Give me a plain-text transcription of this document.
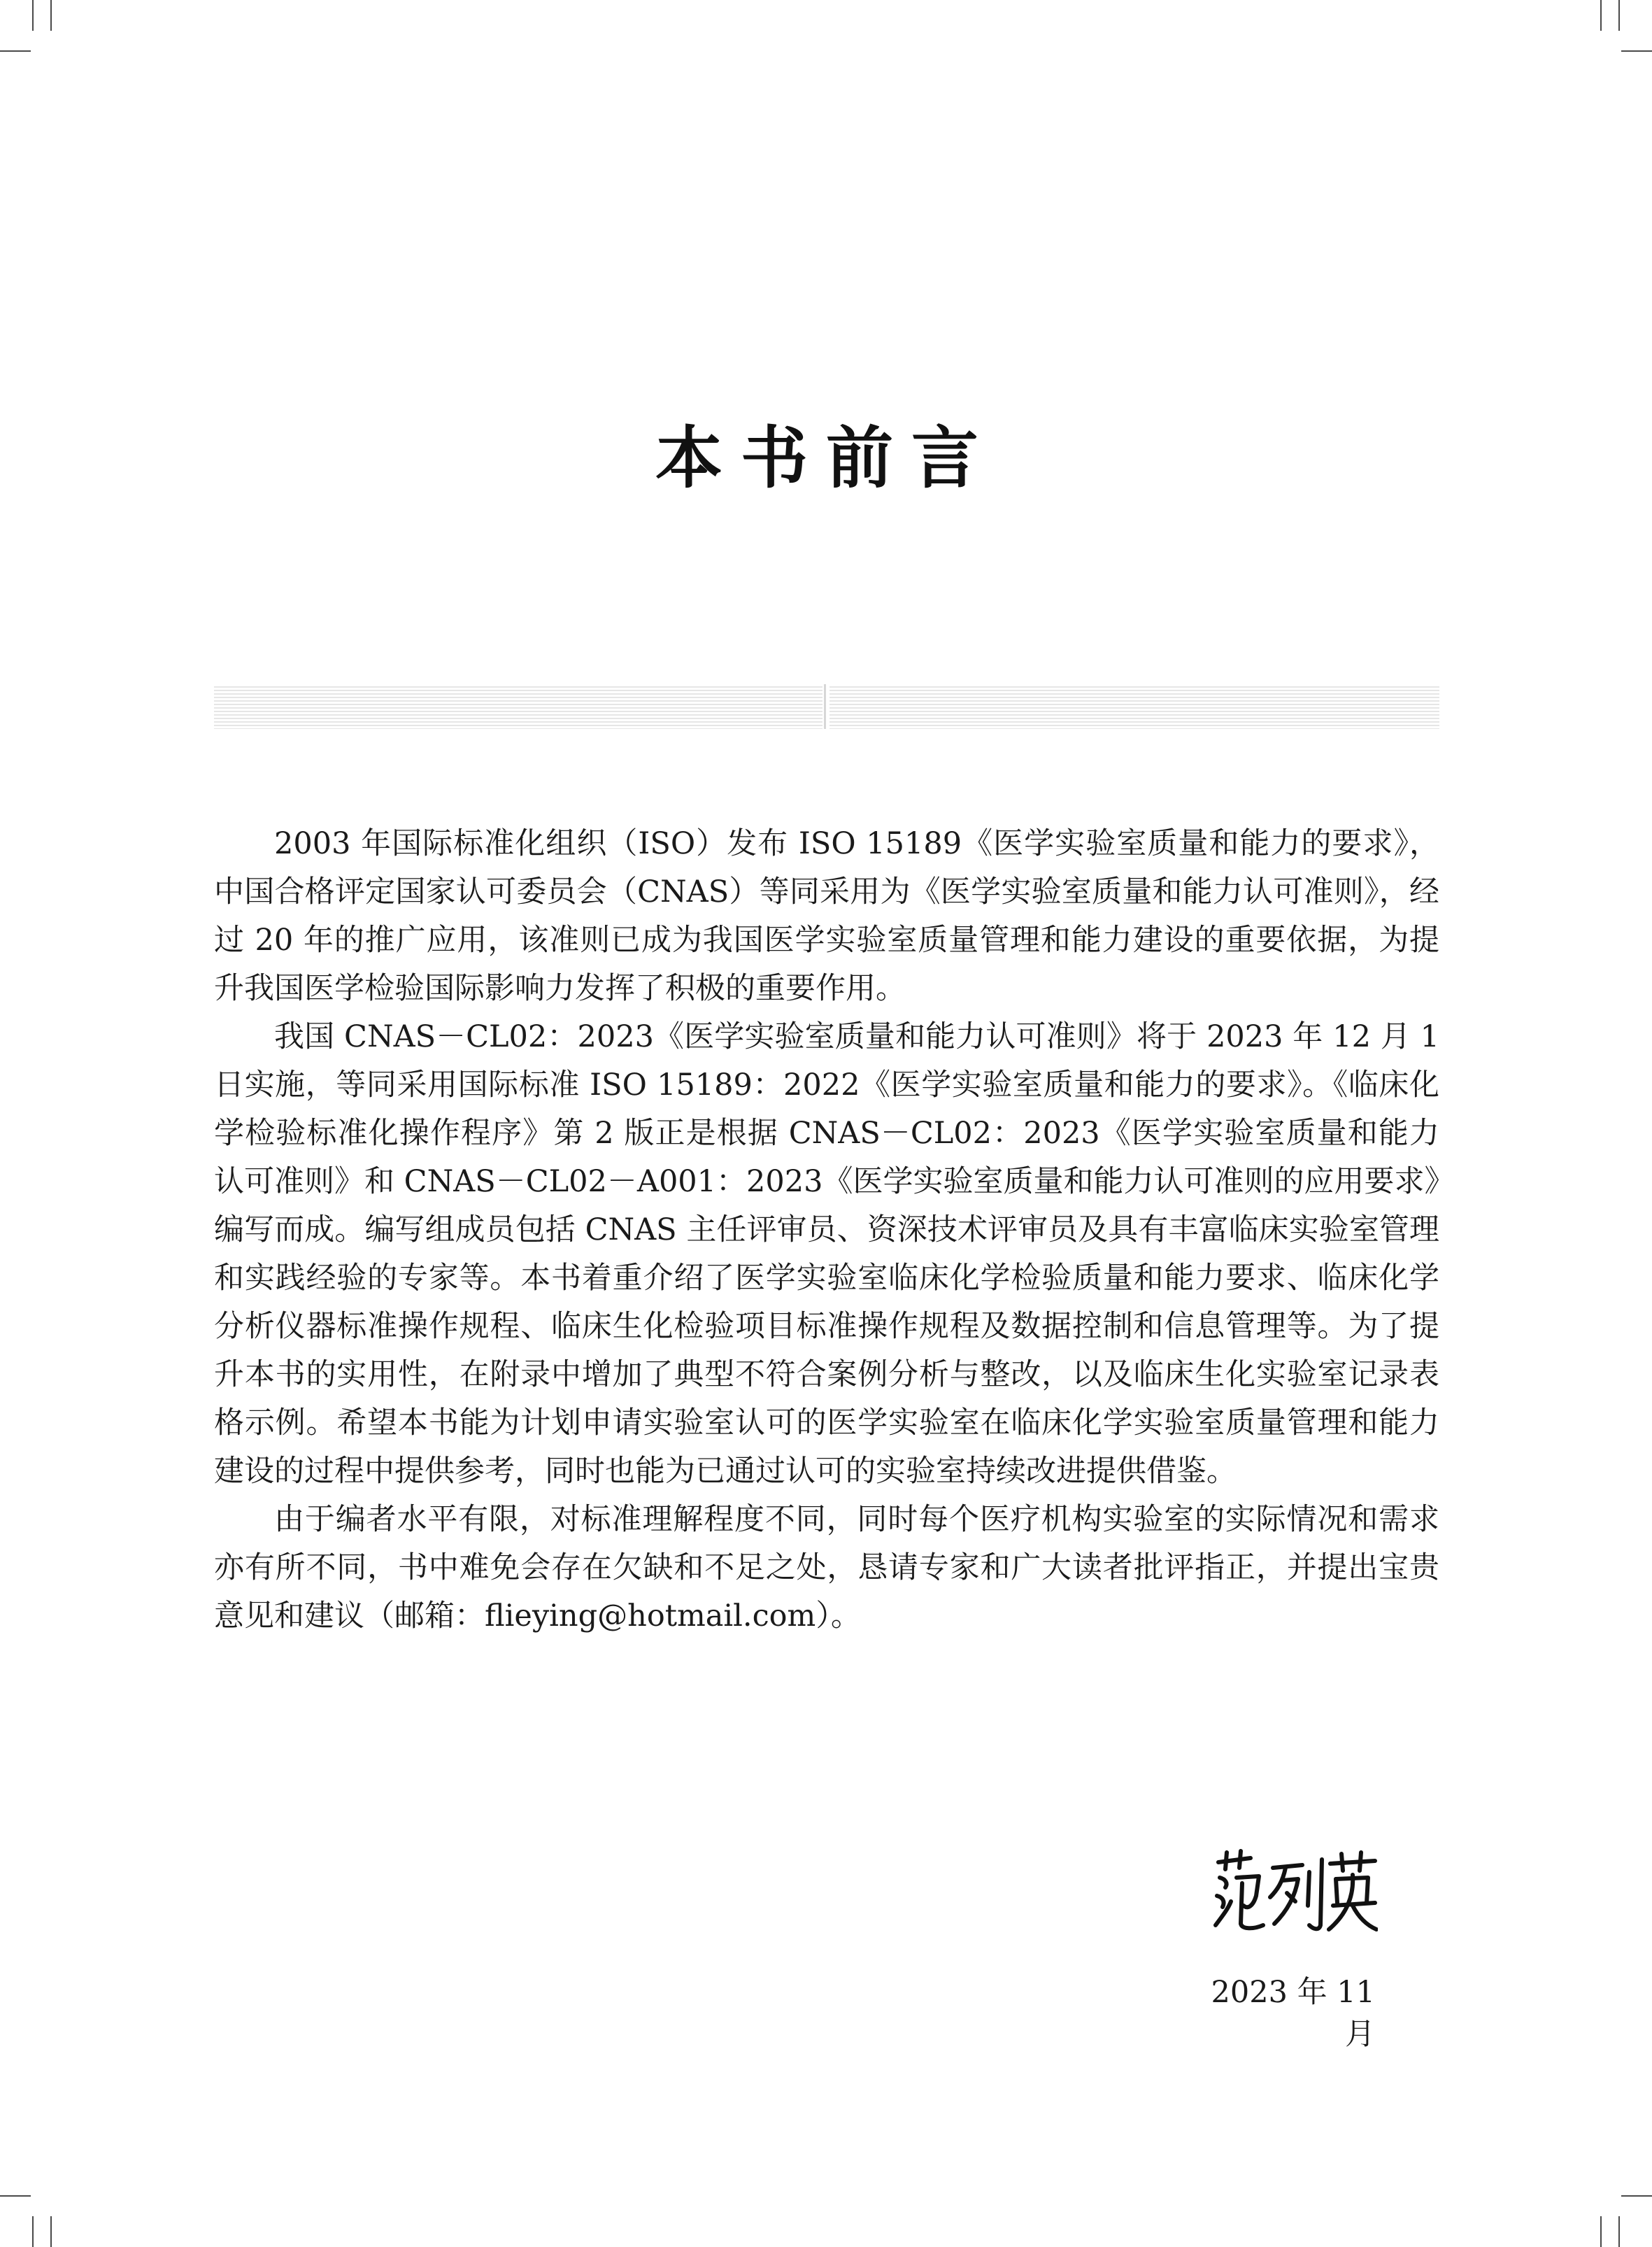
本书前言

2003 年国际标准化组织（ISO）发布 ISO 15189《医学实验室质量和能力的要求》，中国合格评定国家认可委员会（CNAS）等同采用为《医学实验室质量和能力认可准则》，经过 20 年的推广应用，该准则已成为我国医学实验室质量管理和能力建设的重要依据，为提升我国医学检验国际影响力发挥了积极的重要作用。

我国 CNAS－CL02：2023《医学实验室质量和能力认可准则》将于 2023 年 12 月 1 日实施，等同采用国际标准 ISO 15189：2022《医学实验室质量和能力的要求》。《临床化学检验标准化操作程序》第 2 版正是根据 CNAS－CL02：2023《医学实验室质量和能力认可准则》和 CNAS－CL02－A001：2023《医学实验室质量和能力认可准则的应用要求》编写而成。编写组成员包括 CNAS 主任评审员、资深技术评审员及具有丰富临床实验室管理和实践经验的专家等。本书着重介绍了医学实验室临床化学检验质量和能力要求、临床化学分析仪器标准操作规程、临床生化检验项目标准操作规程及数据控制和信息管理等。为了提升本书的实用性，在附录中增加了典型不符合案例分析与整改，以及临床生化实验室记录表格示例。希望本书能为计划申请实验室认可的医学实验室在临床化学实验室质量管理和能力建设的过程中提供参考，同时也能为已通过认可的实验室持续改进提供借鉴。

由于编者水平有限，对标准理解程度不同，同时每个医疗机构实验室的实际情况和需求亦有所不同，书中难免会存在欠缺和不足之处，恳请专家和广大读者批评指正，并提出宝贵意见和建议（邮箱：flieying@hotmail.com）。

2023 年 11 月
